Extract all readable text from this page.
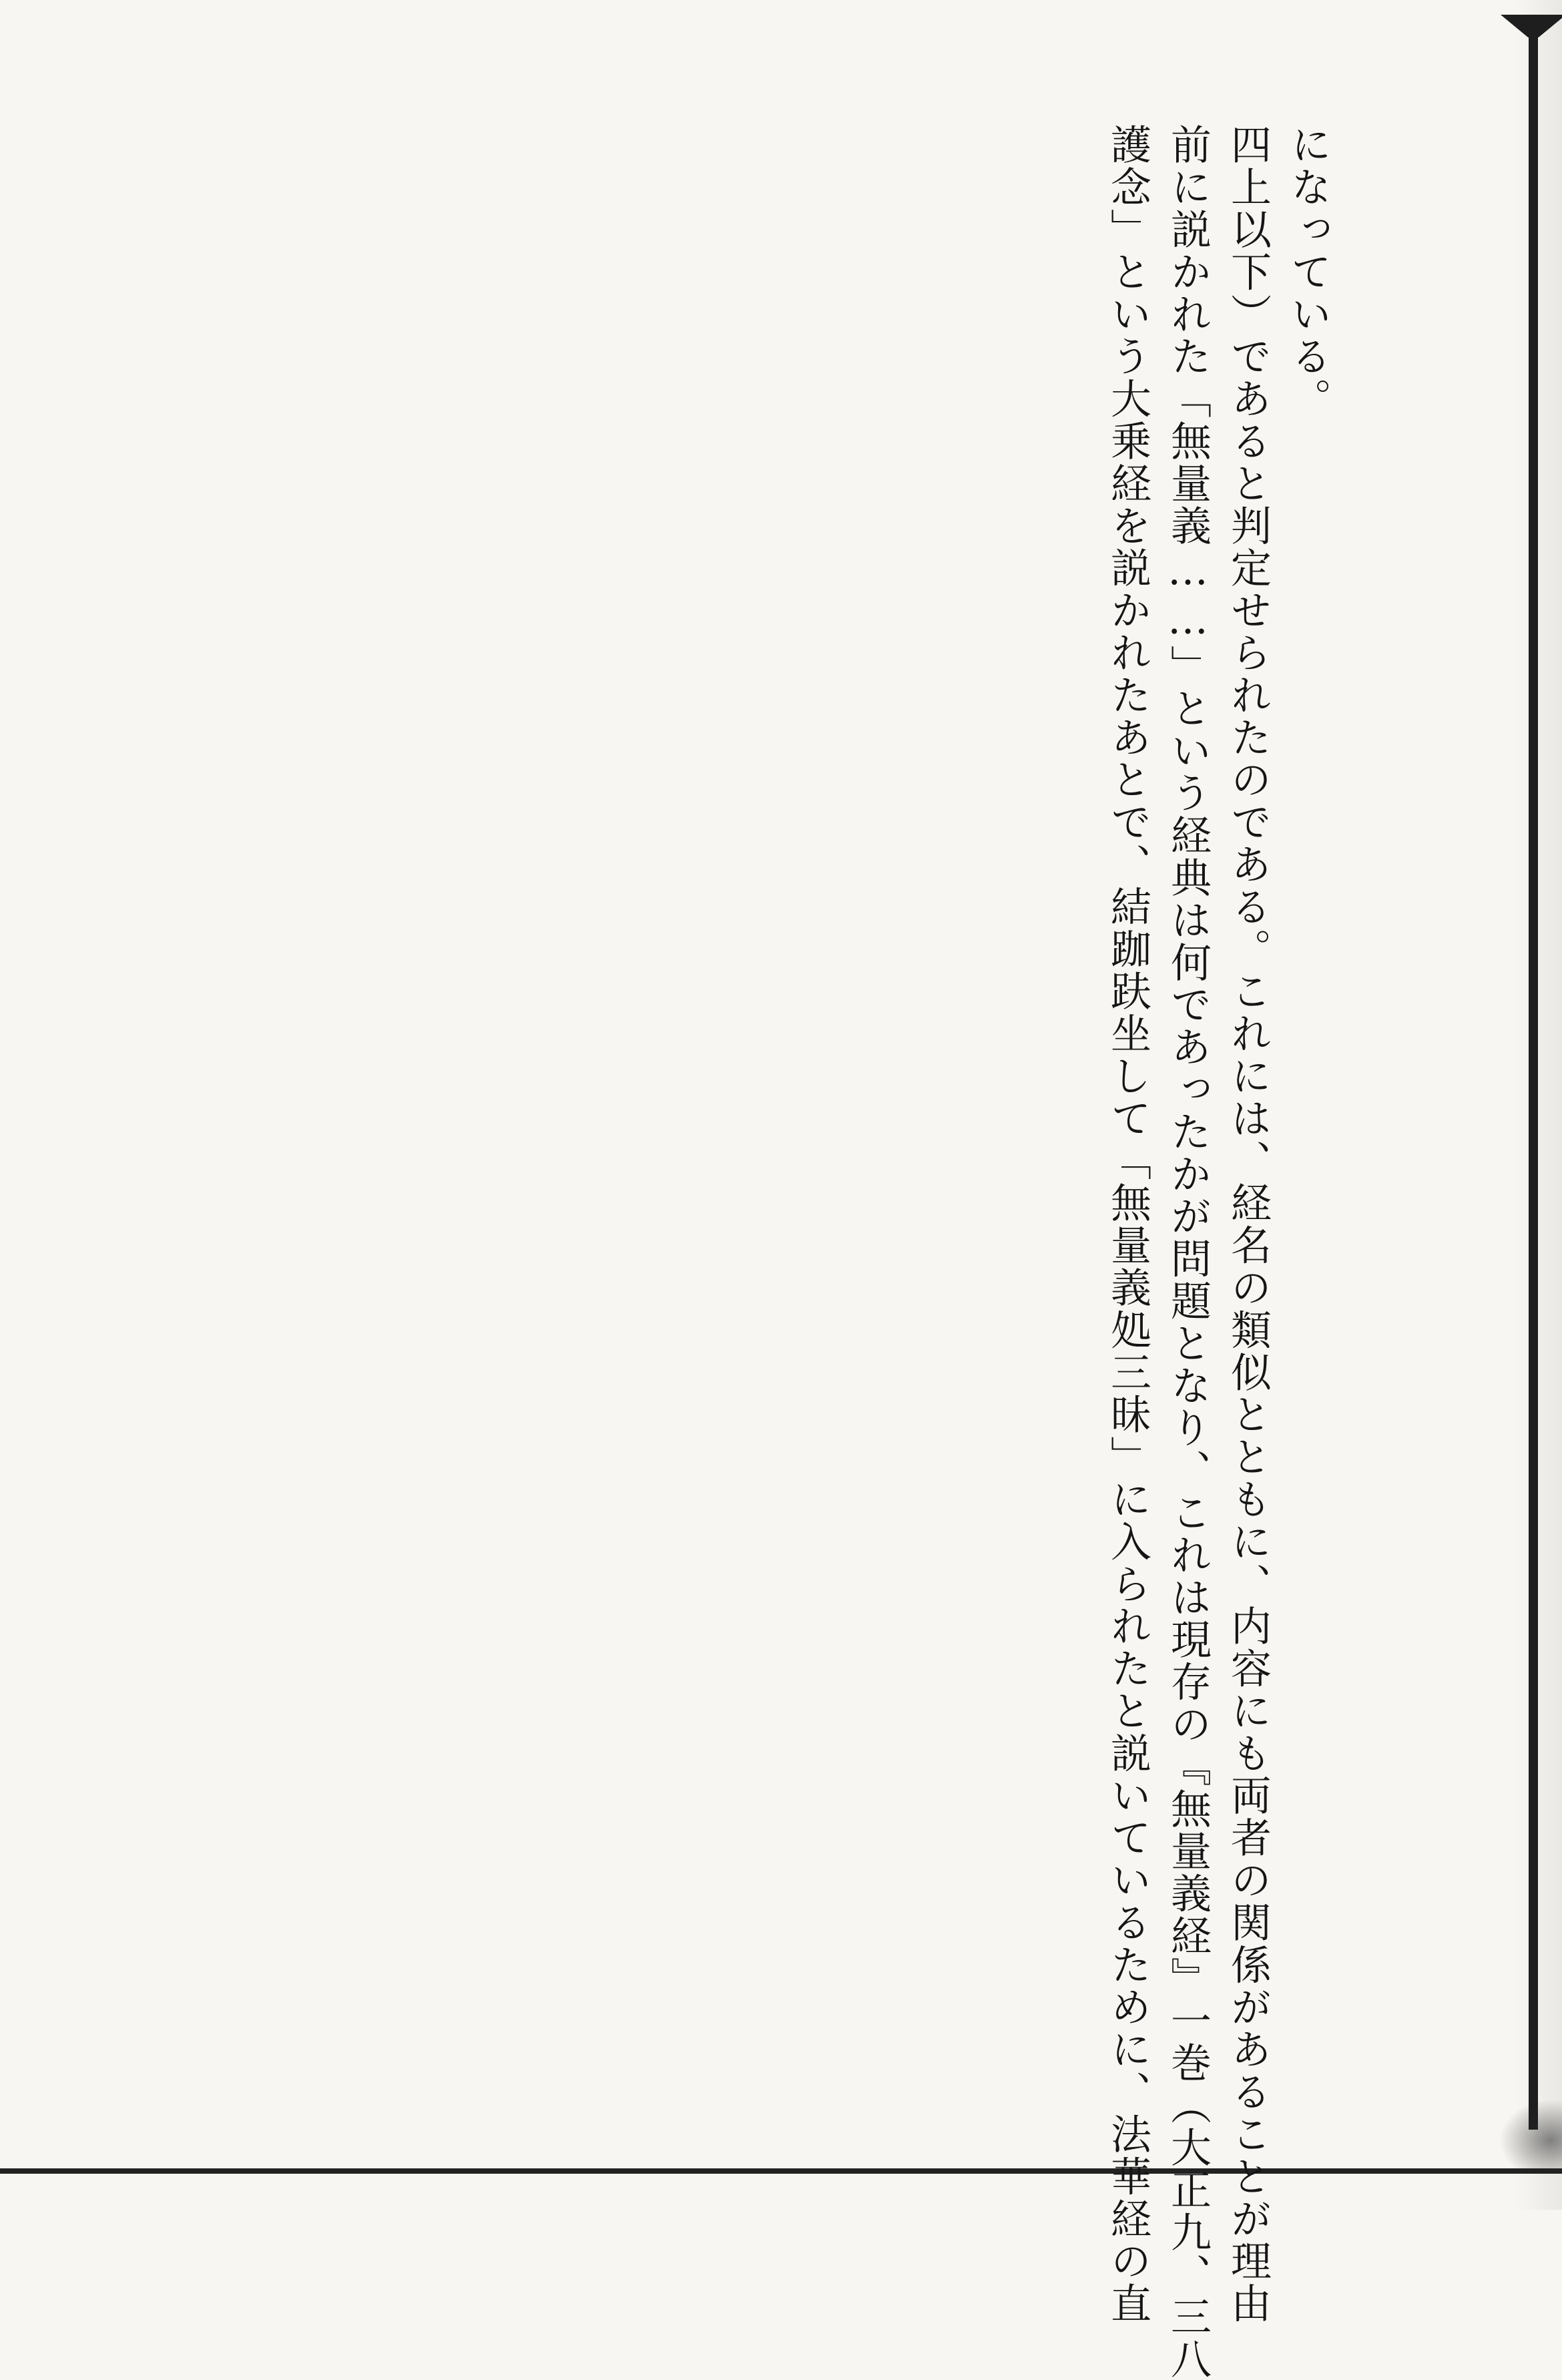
になっている。
四上以下）であると判定せられたのである。これには、経名の類似とともに、内容にも両者の関係があることが理由
前に説かれた「無量義……」という経典は何であったかが問題となり、これは現存の『無量義経』一巻（大正九、三八
護念」という大乗経を説かれたあとで、結跏趺坐して「無量義処三昧」に入られたと説いているために、法華経の直
